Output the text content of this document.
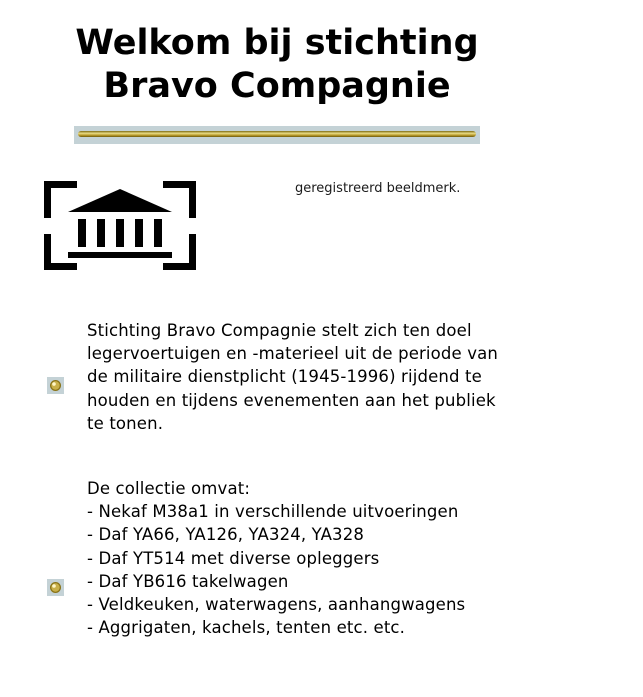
Welkom bij stichting
Bravo Compagnie

geregistreerd beeldmerk.

Stichting Bravo Compagnie stelt zich ten doel legervoertuigen en -materieel uit de periode van de militaire dienstplicht (1945-1996) rijdend te houden en tijdens evenementen aan het publiek te tonen.

De collectie omvat:
- Nekaf M38a1 in verschillende uitvoeringen
- Daf YA66, YA126, YA324, YA328
- Daf YT514 met diverse opleggers
- Daf YB616 takelwagen
- Veldkeuken, waterwagens, aanhangwagens
- Aggrigaten, kachels, tenten etc. etc.
